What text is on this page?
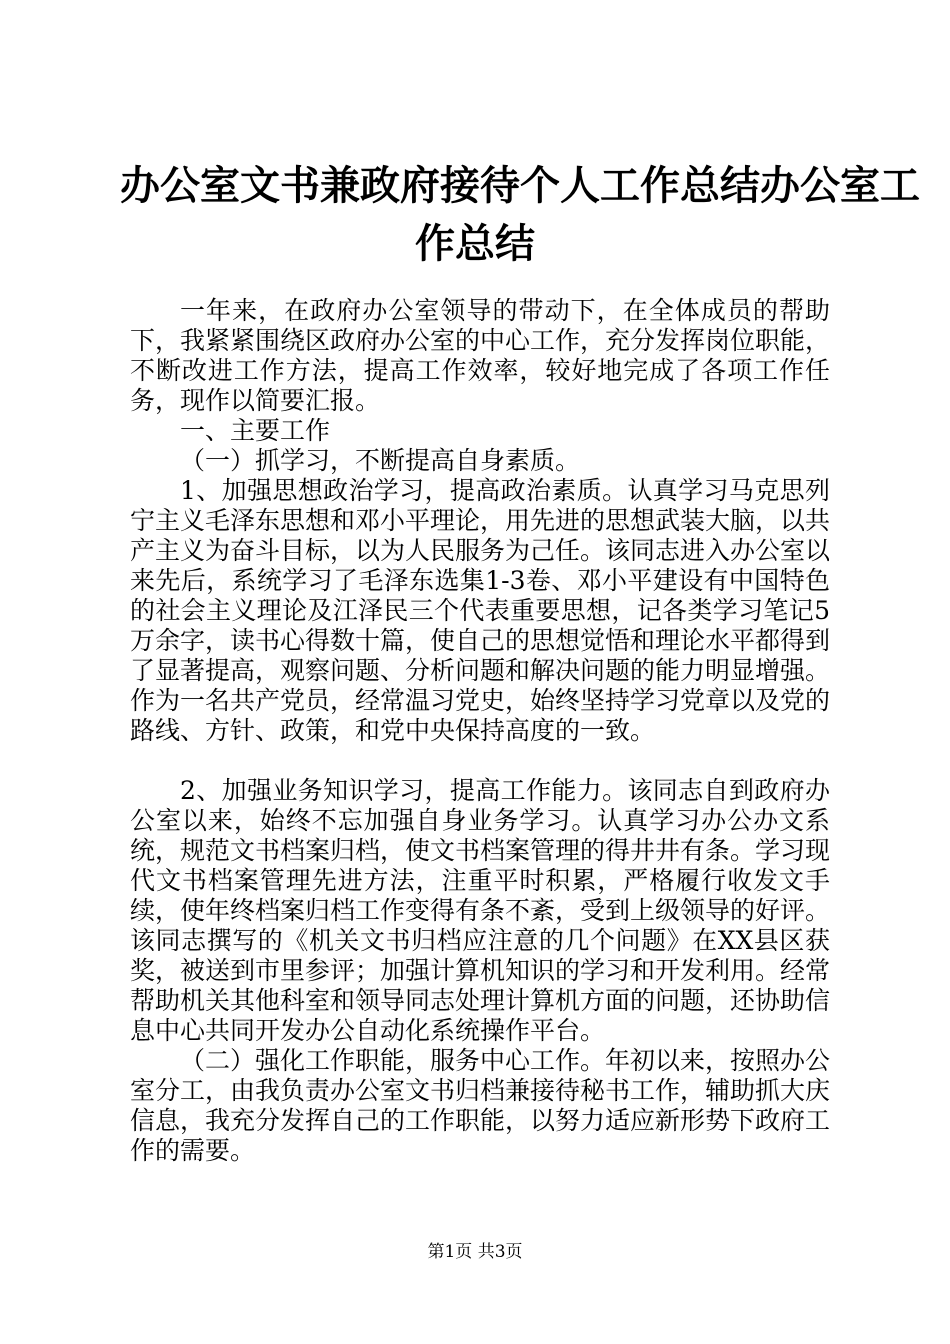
办公室文书兼政府接待个人工作总结办公室工
作总结

一年来，在政府办公室领导的带动下，在全体成员的帮助下，我紧紧围绕区政府办公室的中心工作，充分发挥岗位职能，不断改进工作方法，提高工作效率，较好地完成了各项工作任务，现作以简要汇报。

一、主要工作

（一）抓学习，不断提高自身素质。

1、加强思想政治学习，提高政治素质。认真学习马克思列宁主义毛泽东思想和邓小平理论，用先进的思想武装大脑，以共产主义为奋斗目标，以为人民服务为己任。该同志进入办公室以来先后，系统学习了毛泽东选集1-3卷、邓小平建设有中国特色的社会主义理论及江泽民三个代表重要思想，记各类学习笔记5万余字，读书心得数十篇，使自己的思想觉悟和理论水平都得到了显著提高，观察问题、分析问题和解决问题的能力明显增强。作为一名共产党员，经常温习党史，始终坚持学习党章以及党的路线、方针、政策，和党中央保持高度的一致。

2、加强业务知识学习，提高工作能力。该同志自到政府办公室以来，始终不忘加强自身业务学习。认真学习办公办文系统，规范文书档案归档，使文书档案管理的得井井有条。学习现代文书档案管理先进方法，注重平时积累，严格履行收发文手续，使年终档案归档工作变得有条不紊，受到上级领导的好评。该同志撰写的《机关文书归档应注意的几个问题》在XX县区获奖，被送到市里参评；加强计算机知识的学习和开发利用。经常帮助机关其他科室和领导同志处理计算机方面的问题，还协助信息中心共同开发办公自动化系统操作平台。

（二）强化工作职能，服务中心工作。年初以来，按照办公室分工，由我负责办公室文书归档兼接待秘书工作，辅助抓大庆信息，我充分发挥自己的工作职能，以努力适应新形势下政府工作的需要。

第1页 共3页
